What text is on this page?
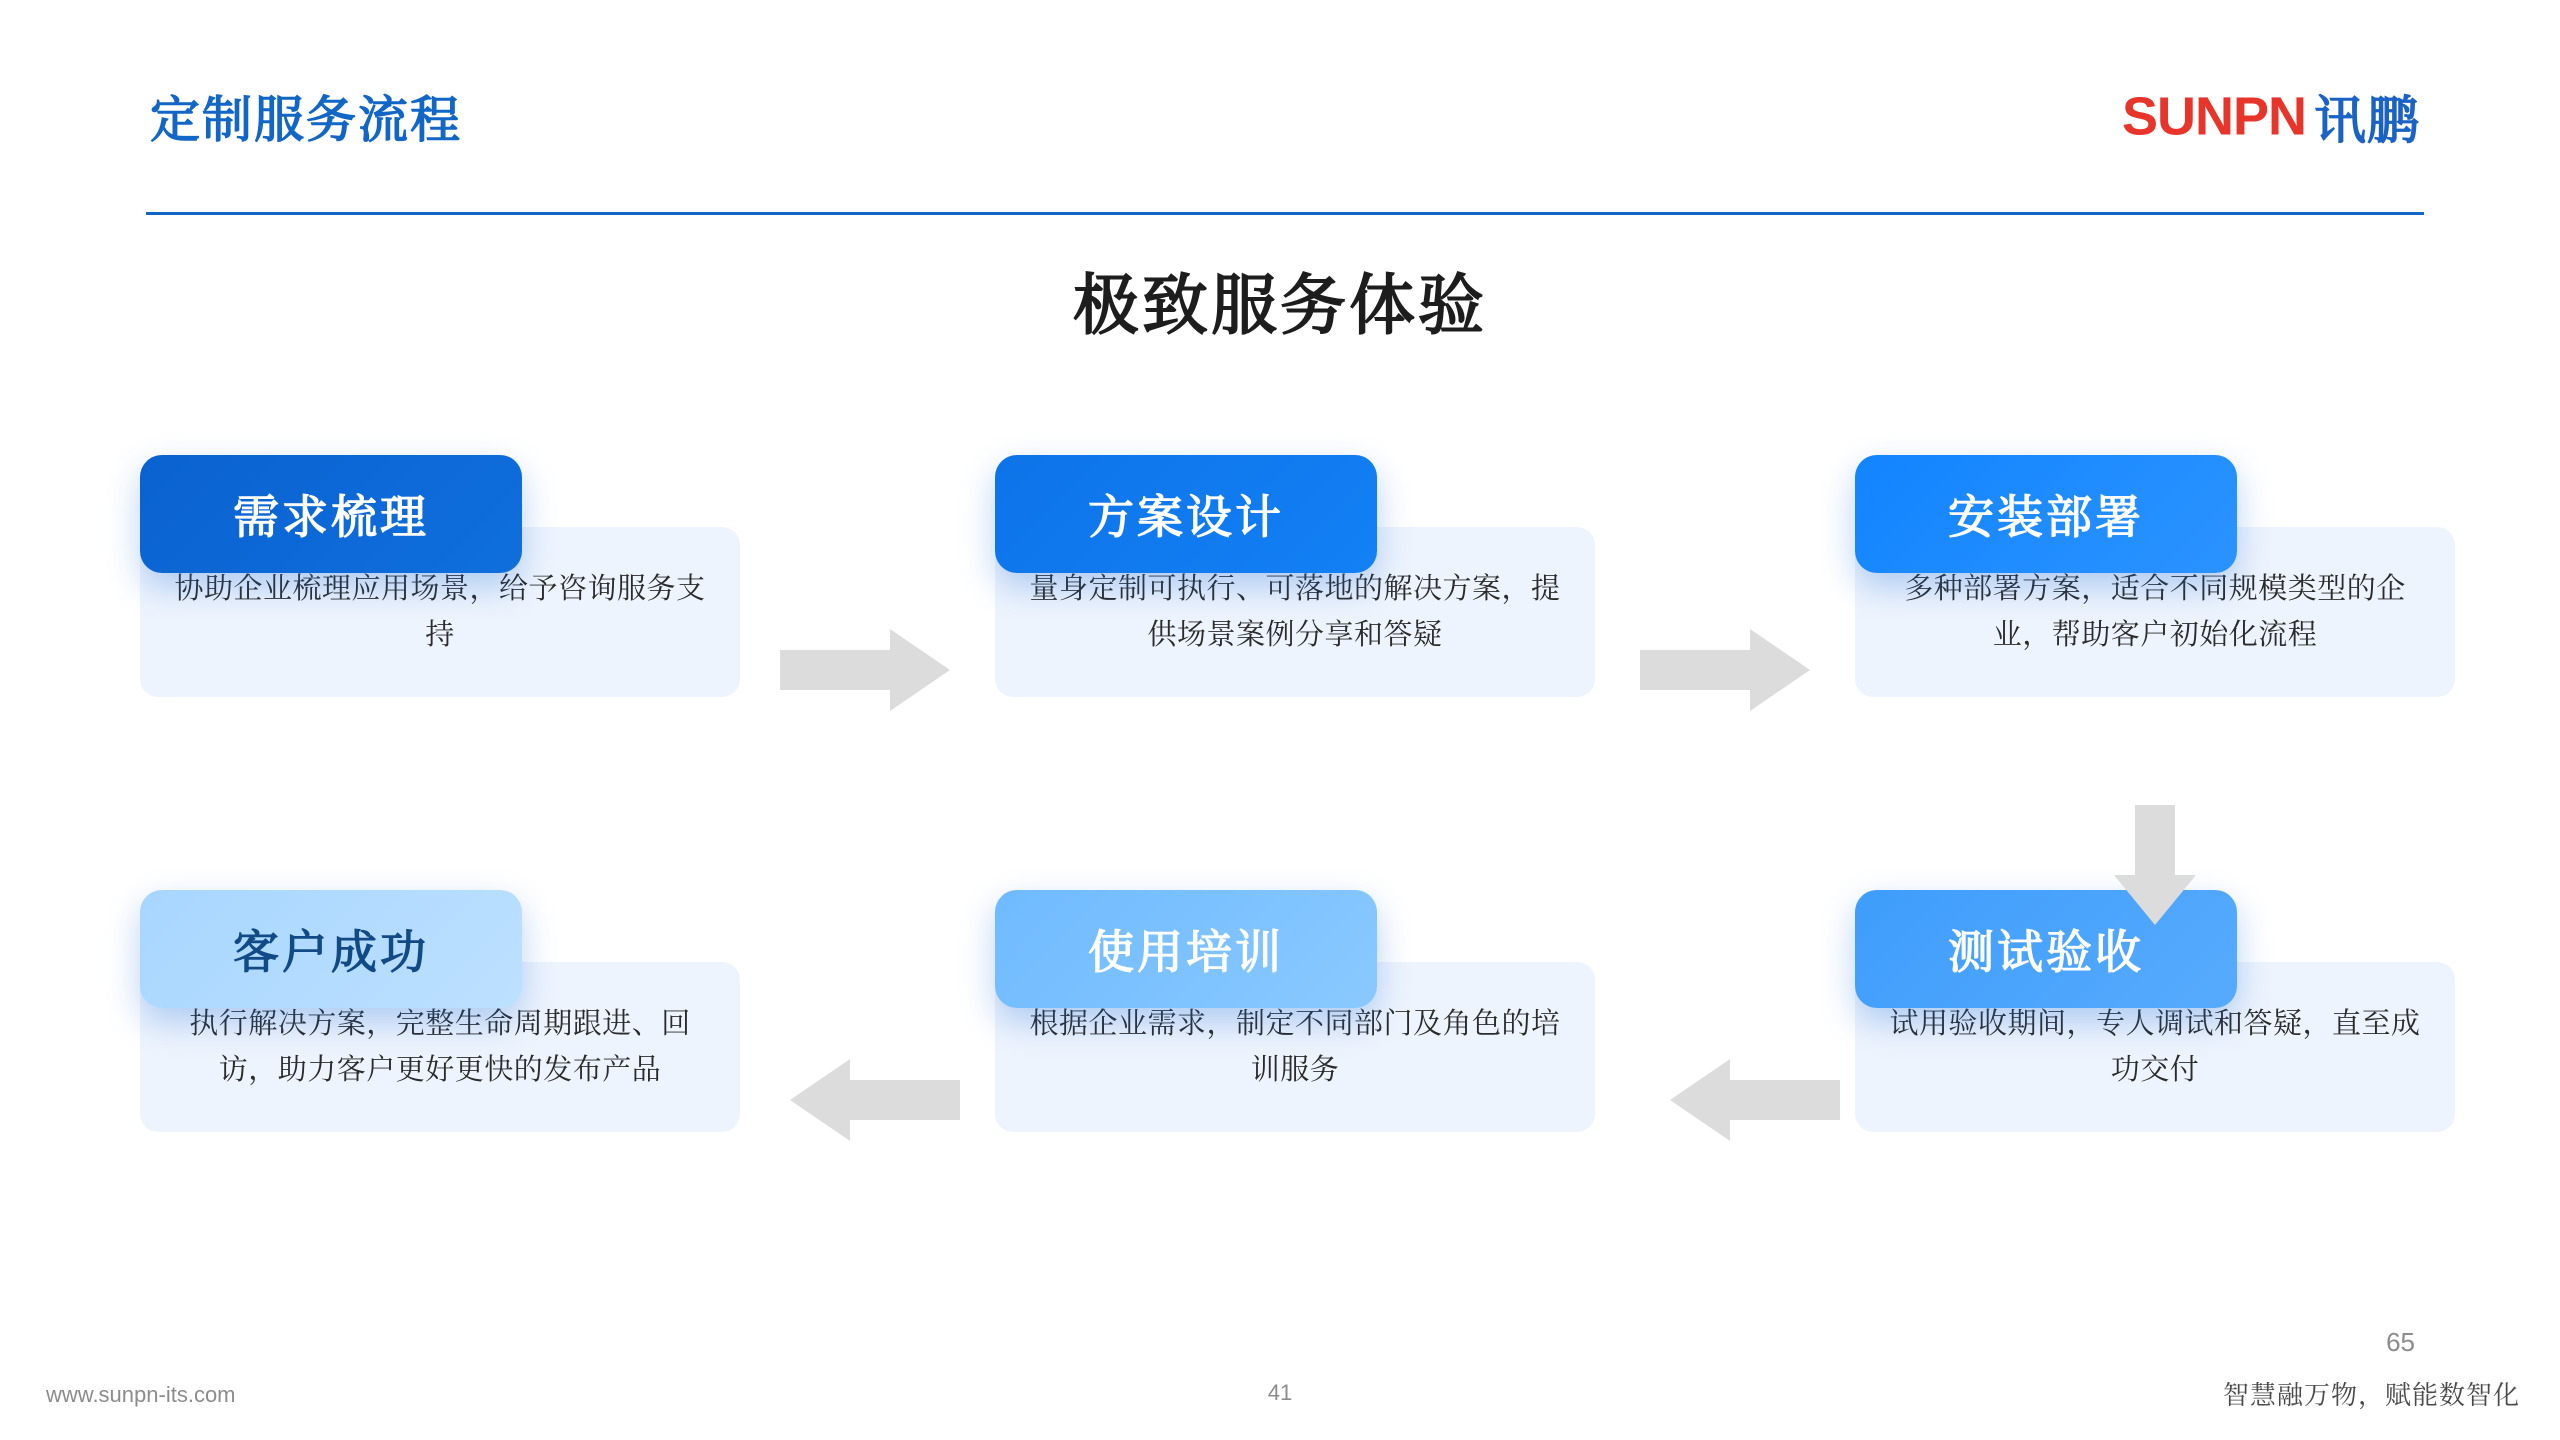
定制服务流程	SUNPN 讯鹏
极致服务体验
协助企业梳理应用场景，给予咨询服务支持
需求梳理
量身定制可执行、可落地的解决方案，提供场景案例分享和答疑
方案设计
多种部署方案，适合不同规模类型的企业，帮助客户初始化流程
安装部署
试用验收期间，专人调试和答疑，直至成功交付
测试验收
根据企业需求，制定不同部门及角色的培训服务
使用培训
执行解决方案，完整生命周期跟进、回访，助力客户更好更快的发布产品
客户成功
www.sunpn-its.com	41
65
智慧融万物，赋能数智化
